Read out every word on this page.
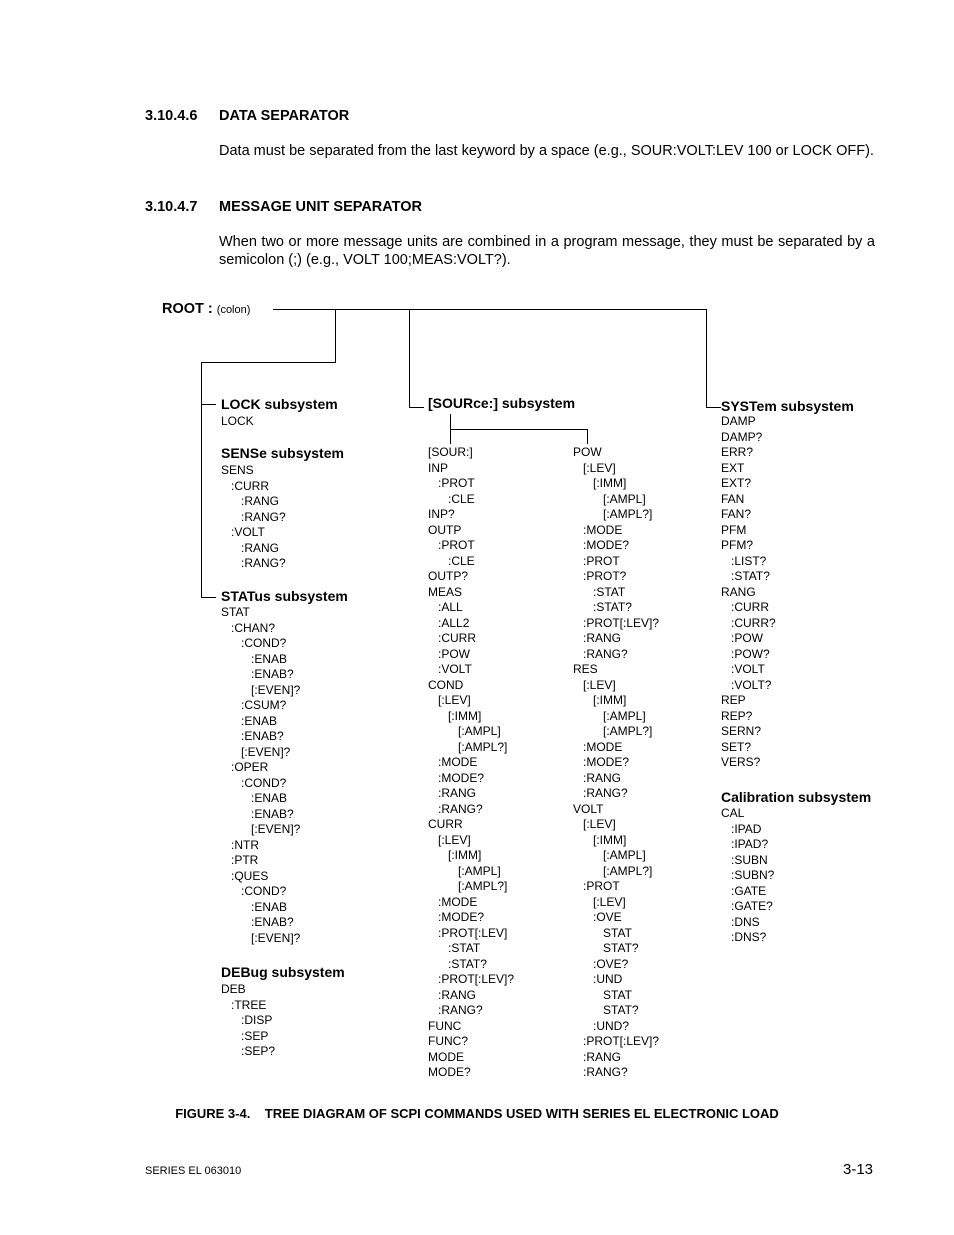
3.10.4.6 DATA SEPARATOR
Data must be separated from the last keyword by a space (e.g., SOUR:VOLT:LEV 100 or LOCK OFF).
3.10.4.7 MESSAGE UNIT SEPARATOR
When two or more message units are combined in a program message, they must be separated by a semicolon (;) (e.g., VOLT 100;MEAS:VOLT?).
ROOT : (colon)
LOCK subsystem
LOCK
SENSe subsystem
SENS
:CURR
:RANG
:RANG?
:VOLT
:RANG
:RANG?
STATus subsystem
STAT
:CHAN?
:COND?
:ENAB
:ENAB?
[:EVEN]?
:CSUM?
:ENAB
:ENAB?
[:EVEN]?
:OPER
:COND?
:ENAB
:ENAB?
[:EVEN]?
:NTR
:PTR
:QUES
:COND?
:ENAB
:ENAB?
[:EVEN]?
DEBug subsystem
DEB
:TREE
:DISP
:SEP
:SEP?
[SOURce:] subsystem
[SOUR:]
INP
:PROT
:CLE
INP?
OUTP
:PROT
:CLE
OUTP?
MEAS
:ALL
:ALL2
:CURR
:POW
:VOLT
COND
[:LEV]
[:IMM]
[:AMPL]
[:AMPL?]
:MODE
:MODE?
:RANG
:RANG?
CURR
[:LEV]
[:IMM]
[:AMPL]
[:AMPL?]
:MODE
:MODE?
:PROT[:LEV]
:STAT
:STAT?
:PROT[:LEV]?
:RANG
:RANG?
FUNC
FUNC?
MODE
MODE?
POW
[:LEV]
[:IMM]
[:AMPL]
[:AMPL?]
:MODE
:MODE?
:PROT
:PROT?
:STAT
:STAT?
:PROT[:LEV]?
:RANG
:RANG?
RES
[:LEV]
[:IMM]
[:AMPL]
[:AMPL?]
:MODE
:MODE?
:RANG
:RANG?
VOLT
[:LEV]
[:IMM]
[:AMPL]
[:AMPL?]
:PROT
[:LEV]
:OVE
STAT
STAT?
:OVE?
:UND
STAT
STAT?
:UND?
:PROT[:LEV]?
:RANG
:RANG?
SYSTem subsystem
DAMP
DAMP?
ERR?
EXT
EXT?
FAN
FAN?
PFM
PFM?
:LIST?
:STAT?
RANG
:CURR
:CURR?
:POW
:POW?
:VOLT
:VOLT?
REP
REP?
SERN?
SET?
VERS?
Calibration subsystem
CAL
:IPAD
:IPAD?
:SUBN
:SUBN?
:GATE
:GATE?
:DNS
:DNS?
FIGURE 3-4.    TREE DIAGRAM OF SCPI COMMANDS USED WITH SERIES EL ELECTRONIC LOAD
SERIES EL 063010	3-13
